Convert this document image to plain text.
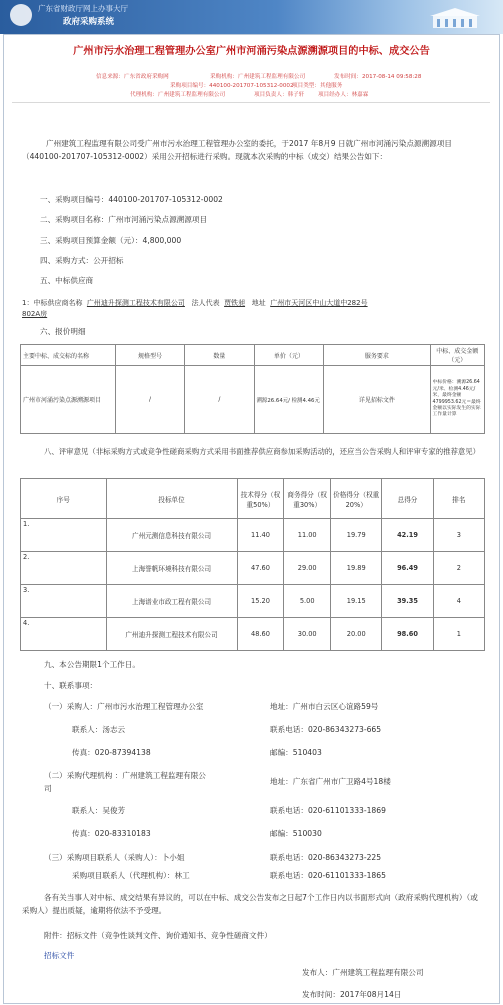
广东省财政厅网上办事大厅
政府采购系统
广州市污水治理工程管理办公室广州市河涌污染点源溯源项目的中标、成交公告
信息来源：广东省政府采购网	采购机构：广州建筑工程监理有限公司	发布时间：2017-08-14 09:58:28
采购项目编号：440100-201707-105312-0002
项目类型：其他服务
代理机构：广州建筑工程监理有限公司	项目负责人：韩子轩 项目经办人：林嘉霖
广州建筑工程监理有限公司受广州市污水治理工程管理办公室的委托，于2017 年8月9 日就广州市河涌污染点源溯源项目（440100-201707-105312-0002）采用公开招标进行采购。现就本次采购的中标（成交）结果公告如下：
一、采购项目编号：440100-201707-105312-0002
二、采购项目名称：广州市河涌污染点源溯源项目
三、采购项目预算金额（元）：4,800,000
四、采购方式：公开招标
五、中标供应商
1：中标供应商名称 广州迪升探测工程技术有限公司 法人代表 贾铁昶 地址 广州市天河区中山大道中282号
802A房
六、报价明细
主要中标、成交标的名称	规格型号	数量	单价（元）	服务要求	中标、成交金额（元）
广州市河涌污染点源溯源项目	/	/	溯源26.64元/ 检测4.46元	详见招标文件	中标价格：溯源26.64元/米、检测4.46元/米，最终金额4799953.62元＝最终金额以实际发生的实际工作量计算
八、评审意见（非标采购方式或竞争性磋商采购方式采用书面推荐供应商参加采购活动的，还应当公告采购人和评审专家的推荐意见）
序号	投标单位	技术得分（权重50%）	商务得分（权重30%）	价格得分（权重20%）	总得分	排名
1.	广州元测信息科技有限公司	11.40	11.00	19.79	42.19	3
2.	上海誉帆环境科技有限公司	47.60	29.00	19.89	96.49	2
3.	上海谱业市政工程有限公司	15.20	5.00	19.15	39.35	4
4.	广州迪升探测工程技术有限公司	48.60	30.00	20.00	98.60	1
九、本公告期限1个工作日。
十、联系事项：
（一）采购人：广州市污水治理工程管理办公室	地址：广州市白云区心谊路59号
联系人：汤志云	联系电话：020-86343273-665
传真：020-87394138	邮编：510403
（二）采购代理机构 ：广州建筑工程监理有限公
地址：广东省广州市广卫路4号18楼
司
联系人：吴俊芳	联系电话：020-61101333-1869
传真：020-83310183	邮编：510030
（三）采购项目联系人（采购人）：卜小姐	联系电话：020-86343273-225
采购项目联系人（代理机构）：林工	联系电话：020-61101333-1865
各有关当事人对中标、成交结果有异议的，可以在中标、成交公告发布之日起7个工作日内以书面形式向（政府采购代理机构）（或采购人）提出质疑，逾期将依法不予受理。
附件：招标文件（竞争性谈判文件、询价通知书、竞争性磋商文件）
招标文件
发布人：广州建筑工程监理有限公司
发布时间：2017年08月14日
